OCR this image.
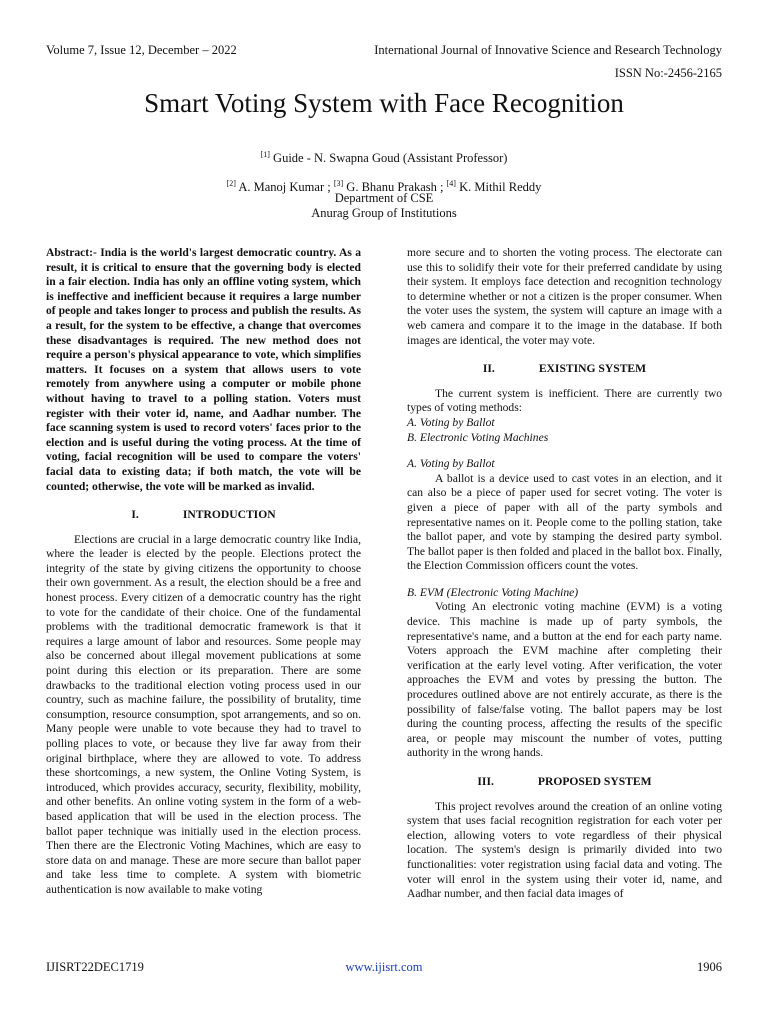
Volume 7, Issue 12, December – 2022	International Journal of Innovative Science and Research Technology
ISSN No:-2456-2165
Smart Voting System with Face Recognition
[1] Guide - N. Swapna Goud (Assistant Professor)
[2] A. Manoj Kumar ; [3] G. Bhanu Prakash ; [4] K. Mithil Reddy
Department of CSE
Anurag Group of Institutions

Abstract:- India is the world's largest democratic country. As a result, it is critical to ensure that the governing body is elected in a fair election. India has only an offline voting system, which is ineffective and inefficient because it requires a large number of people and takes longer to process and publish the results. As a result, for the system to be effective, a change that overcomes these disadvantages is required. The new method does not require a person's physical appearance to vote, which simplifies matters. It focuses on a system that allows users to vote remotely from anywhere using a computer or mobile phone without having to travel to a polling station. Voters must register with their voter id, name, and Aadhar number. The face scanning system is used to record voters' faces prior to the election and is useful during the voting process. At the time of voting, facial recognition will be used to compare the voters' facial data to existing data; if both match, the vote will be counted; otherwise, the vote will be marked as invalid.

I.	INTRODUCTION

Elections are crucial in a large democratic country like India, where the leader is elected by the people. Elections protect the integrity of the state by giving citizens the opportunity to choose their own government. As a result, the election should be a free and honest process. Every citizen of a democratic country has the right to vote for the candidate of their choice. One of the fundamental problems with the traditional democratic framework is that it requires a large amount of labor and resources. Some people may also be concerned about illegal movement publications at some point during this election or its preparation. There are some drawbacks to the traditional election voting process used in our country, such as machine failure, the possibility of brutality, time consumption, resource consumption, spot arrangements, and so on. Many people were unable to vote because they had to travel to polling places to vote, or because they live far away from their original birthplace, where they are allowed to vote. To address these shortcomings, a new system, the Online Voting System, is introduced, which provides accuracy, security, flexibility, mobility, and other benefits. An online voting system in the form of a web-based application that will be used in the election process. The ballot paper technique was initially used in the election process. Then there are the Electronic Voting Machines, which are easy to store data on and manage. These are more secure than ballot paper and take less time to complete. A system with biometric authentication is now available to make voting

more secure and to shorten the voting process. The electorate can use this to solidify their vote for their preferred candidate by using their system. It employs face detection and recognition technology to determine whether or not a citizen is the proper consumer. When the voter uses the system, the system will capture an image with a web camera and compare it to the image in the database. If both images are identical, the voter may vote.

II.	EXISTING SYSTEM

The current system is inefficient. There are currently two types of voting methods:

A. Voting by Ballot

B. Electronic Voting Machines

A. Voting by Ballot

A ballot is a device used to cast votes in an election, and it can also be a piece of paper used for secret voting. The voter is given a piece of paper with all of the party symbols and representative names on it. People come to the polling station, take the ballot paper, and vote by stamping the desired party symbol. The ballot paper is then folded and placed in the ballot box. Finally, the Election Commission officers count the votes.

B. EVM (Electronic Voting Machine)

Voting An electronic voting machine (EVM) is a voting device. This machine is made up of party symbols, the representative's name, and a button at the end for each party name. Voters approach the EVM machine after completing their verification at the early level voting. After verification, the voter approaches the EVM and votes by pressing the button. The procedures outlined above are not entirely accurate, as there is the possibility of false/false voting. The ballot papers may be lost during the counting process, affecting the results of the specific area, or people may miscount the number of votes, putting authority in the wrong hands.

III.	PROPOSED SYSTEM

This project revolves around the creation of an online voting system that uses facial recognition registration for each voter per election, allowing voters to vote regardless of their physical location. The system's design is primarily divided into two functionalities: voter registration using facial data and voting. The voter will enrol in the system using their voter id, name, and Aadhar number, and then facial data images of

IJISRT22DEC1719	www.ijisrt.com	1906
